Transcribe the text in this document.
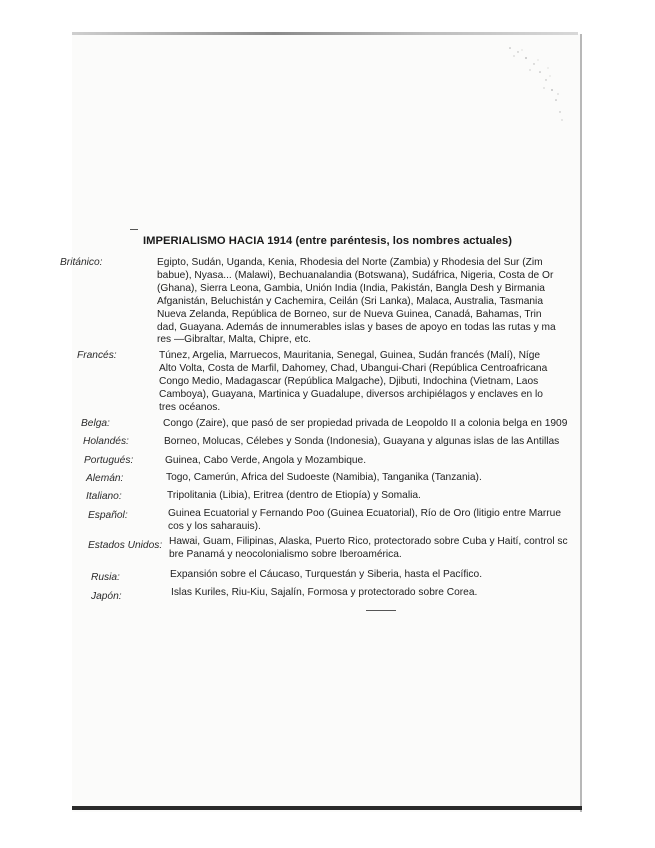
IMPERIALISMO HACIA 1914 (entre paréntesis, los nombres actuales)
Británico:	Egipto, Sudán, Uganda, Kenia, Rhodesia del Norte (Zambia) y Rhodesia del Sur (Zim
babue), Nyasa... (Malawi), Bechuanalandia (Botswana), Sudáfrica, Nigeria, Costa de Or
(Ghana), Sierra Leona, Gambia, Unión India (India, Pakistán, Bangla Desh y Birmania
Afganistán, Beluchistán y Cachemira, Ceilán (Sri Lanka), Malaca, Australia, Tasmania
Nueva Zelanda, República de Borneo, sur de Nueva Guinea, Canadá, Bahamas, Trin
dad, Guayana. Además de innumerables islas y bases de apoyo en todas las rutas y ma
res —Gibraltar, Malta, Chipre, etc.
Francés:	Túnez, Argelia, Marruecos, Mauritania, Senegal, Guinea, Sudán francés (Malí), Níge
Alto Volta, Costa de Marfil, Dahomey, Chad, Ubangui-Chari (República Centroafricana
Congo Medio, Madagascar (República Malgache), Djibuti, Indochina (Vietnam, Laos
Camboya), Guayana, Martinica y Guadalupe, diversos archipiélagos y enclaves en lo
tres océanos.
Belga:	Congo (Zaire), que pasó de ser propiedad privada de Leopoldo II a colonia belga en 1909
Holandés:	Borneo, Molucas, Célebes y Sonda (Indonesia), Guayana y algunas islas de las Antillas
Portugués:	Guinea, Cabo Verde, Angola y Mozambique.
Alemán:	Togo, Camerún, África del Sudoeste (Namibia), Tanganika (Tanzania).
Italiano:	Tripolitania (Libia), Eritrea (dentro de Etiopía) y Somalia.
Español:	Guinea Ecuatorial y Fernando Poo (Guinea Ecuatorial), Río de Oro (litigio entre Marrue
cos y los saharauis).
Estados Unidos: Hawai, Guam, Filipinas, Alaska, Puerto Rico, protectorado sobre Cuba y Haití, control sc
bre Panamá y neocolonialismo sobre Iberoamérica.
Rusia:	Expansión sobre el Cáucaso, Turquestán y Siberia, hasta el Pacífico.
Japón:	Islas Kuriles, Riu-Kiu, Sajalín, Formosa y protectorado sobre Corea.
